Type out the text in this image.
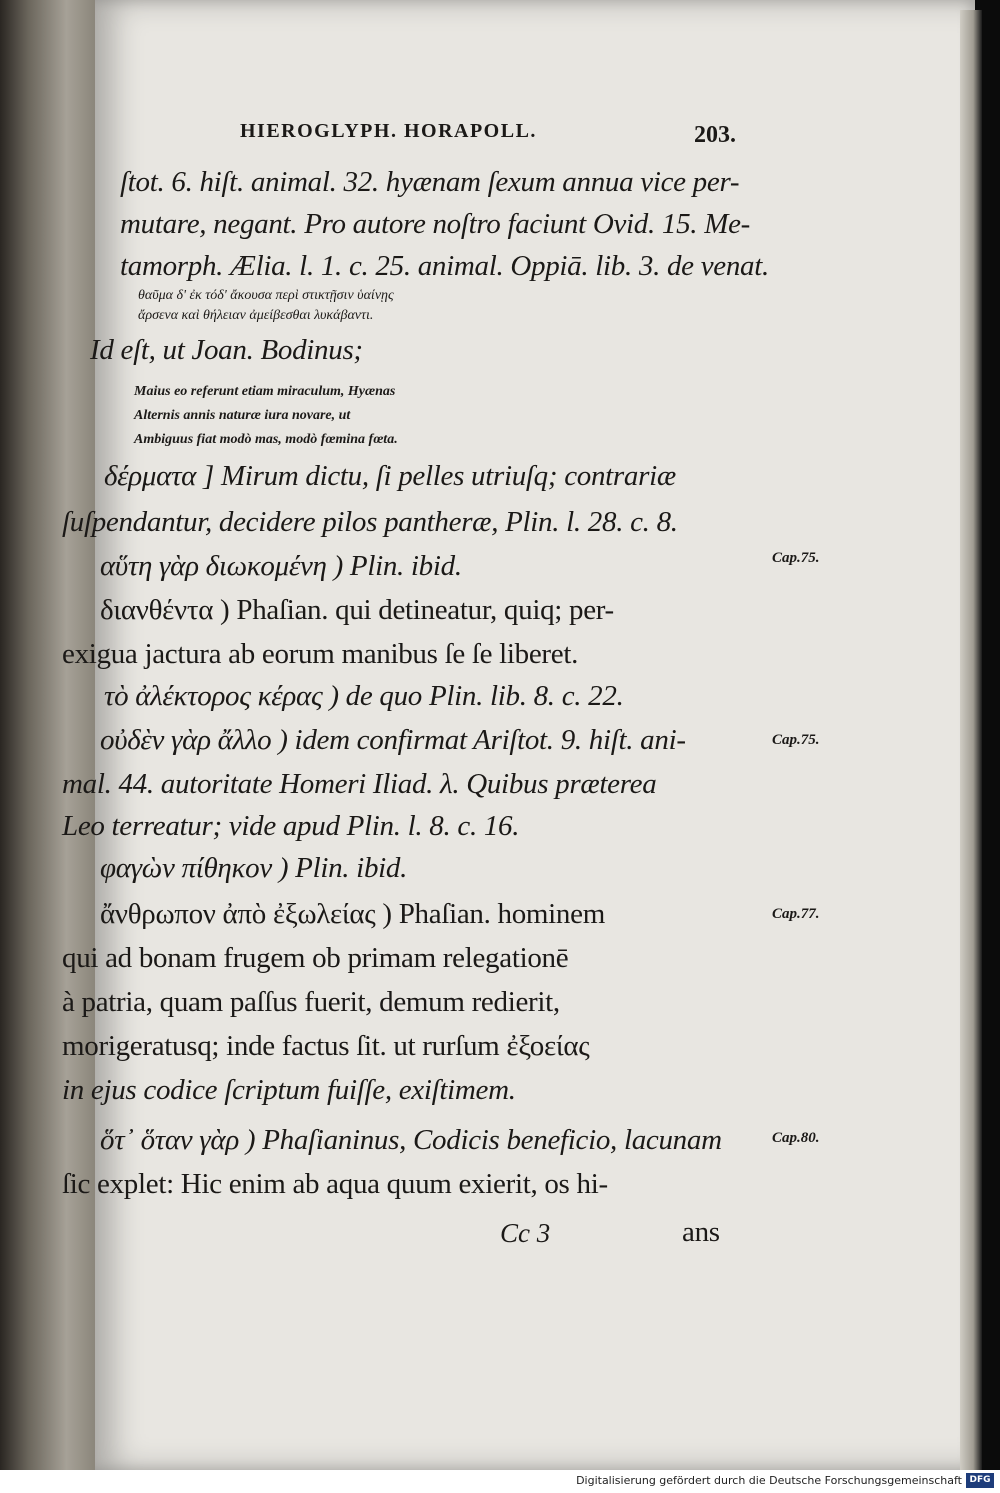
HIEROGLYPH. HORAPOLL.	203.
ſtot. 6. hiſt. animal. 32. hyænam ſexum annua vice per-
mutare, negant. Pro autore noſtro faciunt Ovid. 15. Me-
tamorph. Ælia. l. 1. c. 25. animal. Oppiā. lib. 3. de venat.
θαῦμα δ' ἐκ τόδ' ἄκουσα περὶ στικτῇσιν ὑαίνῃς
ἄρσενα καὶ θήλειαν ἀμείβεσθαι λυκάβαντι.
Id eſt, ut Joan. Bodinus;
Maius eo referunt etiam miraculum, Hyænas
Alternis annis naturæ iura novare, ut
Ambiguus fiat modò mas, modò fœmina fœta.
δέρματα ] Mirum dictu, ſi pelles utriuſq; contrariæ
ſuſpendantur, decidere pilos pantheræ, Plin. l. 28. c. 8.
αὕτη γὰρ διωκομένη ) Plin. ibid.
διανθέντα ) Phaſian. qui detineatur, quiq; per-
exigua jactura ab eorum manibus ſe ſe liberet.
τὸ ἀλέκτορος κέρας ) de quo Plin. lib. 8. c. 22.
οὐδὲν γὰρ ἄλλο ) idem confirmat Ariſtot. 9. hiſt. ani-
mal. 44. autoritate Homeri Iliad. λ. Quibus præterea
Leo terreatur; vide apud Plin. l. 8. c. 16.
φαγὼν πίθηκον ) Plin. ibid.
ἄνθρωπον ἀπὸ ἐξωλείας ) Phaſian. hominem
qui ad bonam frugem ob primam relegationē
à patria, quam paſſus fuerit, demum redierit,
morigeratusq; inde factus ſit. ut rurſum ἐξοείας
in ejus codice ſcriptum fuiſſe, exiſtimem.
ὅτ᾽ ὅταν γὰρ ) Phaſianinus, Codicis beneficio, lacunam
ſic explet: Hic enim ab aqua quum exierit, os hi-
Cap.75.
Cap.75.
Cap.77.
Cap.80.
Cc 3	ans
Digitalisierung gefördert durch die Deutsche Forschungsgemeinschaft DFG
